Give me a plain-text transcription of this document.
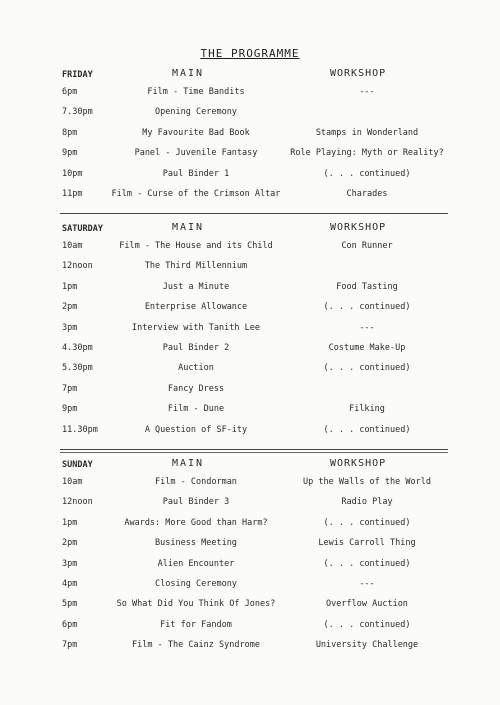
THE PROGRAMME
FRIDAY	MAIN	WORKSHOP
6pm	Film - Time Bandits	---
7.30pm	Opening Ceremony
8pm	My Favourite Bad Book	Stamps in Wonderland
9pm	Panel - Juvenile Fantasy	Role Playing: Myth or Reality?
10pm	Paul Binder 1	(. . . continued)
11pm	Film - Curse of the Crimson Altar	Charades
SATURDAY	MAIN	WORKSHOP
10am	Film - The House and its Child	Con Runner
12noon	The Third Millennium
1pm	Just a Minute	Food Tasting
2pm	Enterprise Allowance	(. . . continued)
3pm	Interview with Tanith Lee	---
4.30pm	Paul Binder 2	Costume Make-Up
5.30pm	Auction	(. . . continued)
7pm	Fancy Dress
9pm	Film - Dune	Filking
11.30pm	A Question of SF-ity	(. . . continued)
SUNDAY	MAIN	WORKSHOP
10am	Film - Condorman	Up the Walls of the World
12noon	Paul Binder 3	Radio Play
1pm	Awards: More Good than Harm?	(. . . continued)
2pm	Business Meeting	Lewis Carroll Thing
3pm	Alien Encounter	(. . . continued)
4pm	Closing Ceremony	---
5pm	So What Did You Think Of Jones?	Overflow Auction
6pm	Fit for Fandom	(. . . continued)
7pm	Film - The Cainz Syndrome	University Challenge
